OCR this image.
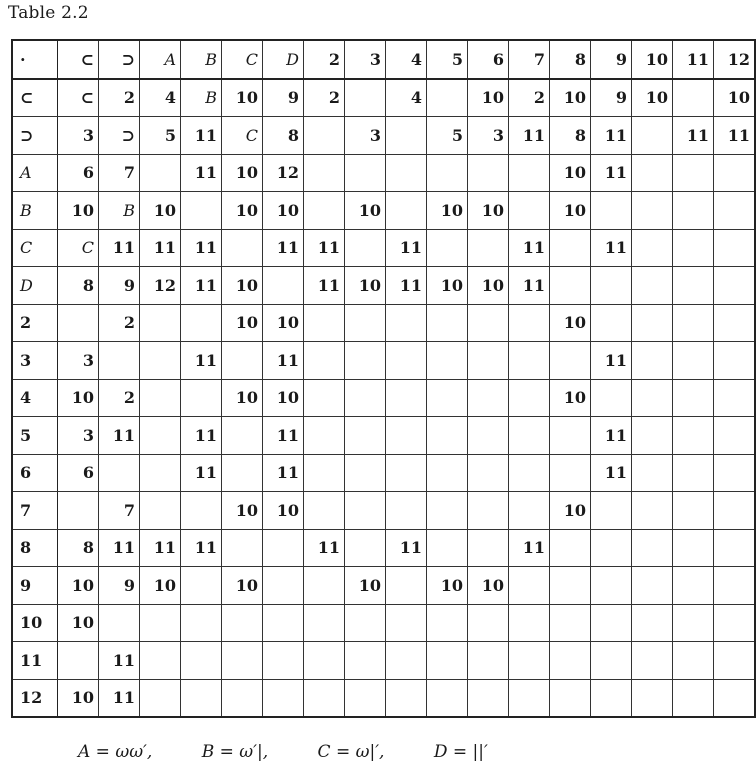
Table 2.2
·	⊂	⊃	A	B	C	D	2	3	4	5	6	7	8	9	10	11	12
⊂	⊂	2	4	B	10	9	2		4		10	2	10	9	10		10
⊃	3	⊃	5	11	C	8		3		5	3	11	8	11		11	11
A	6	7		11	10	12							10	11			
B	10	B	10		10	10		10		10	10		10				
C	C	11	11	11		11	11		11			11		11			
D	8	9	12	11	10		11	10	11	10	10	11					
2		2			10	10							10				
3	3			11		11								11			
4	10	2			10	10							10				
5	3	11		11		11								11			
6	6			11		11								11			
7		7			10	10							10				
8	8	11	11	11			11		11			11					
9	10	9	10		10			10		10	10						
10	10																
11		11															
12	10	11															
A = ωω′,	B = ω′|,	C = ω|′,	D = ||′
